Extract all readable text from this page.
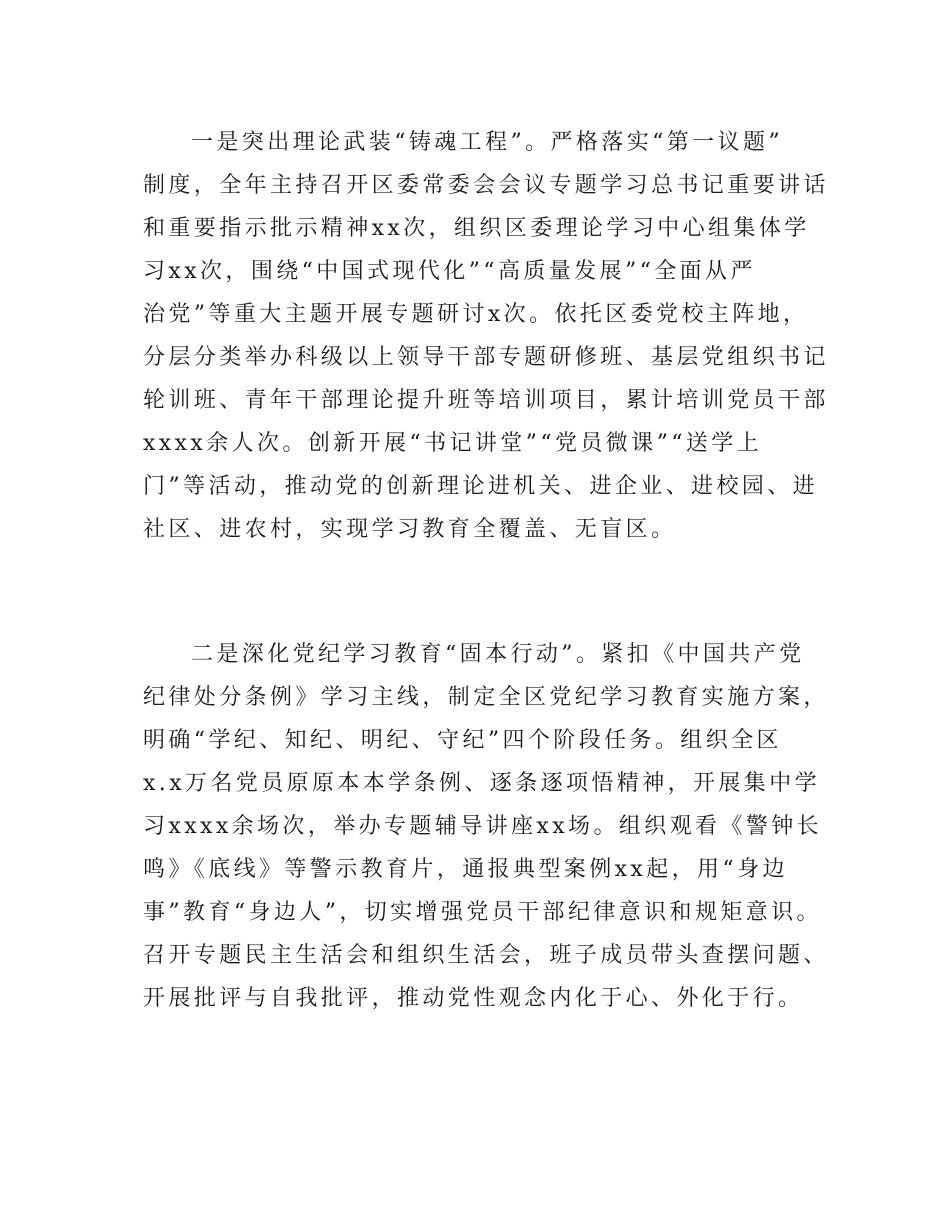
一是突出理论武装“铸魂工程”。严格落实“第一议题”
制度，全年主持召开区委常委会会议专题学习总书记重要讲话
和重要指示批示精神xx次，组织区委理论学习中心组集体学
习xx次，围绕“中国式现代化”“高质量发展”“全面从严
治党”等重大主题开展专题研讨x次。依托区委党校主阵地，
分层分类举办科级以上领导干部专题研修班、基层党组织书记
轮训班、青年干部理论提升班等培训项目，累计培训党员干部
xxxx余人次。创新开展“书记讲堂”“党员微课”“送学上
门”等活动，推动党的创新理论进机关、进企业、进校园、进
社区、进农村，实现学习教育全覆盖、无盲区。
二是深化党纪学习教育“固本行动”。紧扣《中国共产党
纪律处分条例》学习主线，制定全区党纪学习教育实施方案，
明确“学纪、知纪、明纪、守纪”四个阶段任务。组织全区
x.x万名党员原原本本学条例、逐条逐项悟精神，开展集中学
习xxxx余场次，举办专题辅导讲座xx场。组织观看《警钟长
鸣》《底线》等警示教育片，通报典型案例xx起，用“身边
事”教育“身边人”，切实增强党员干部纪律意识和规矩意识。
召开专题民主生活会和组织生活会，班子成员带头查摆问题、
开展批评与自我批评，推动党性观念内化于心、外化于行。
